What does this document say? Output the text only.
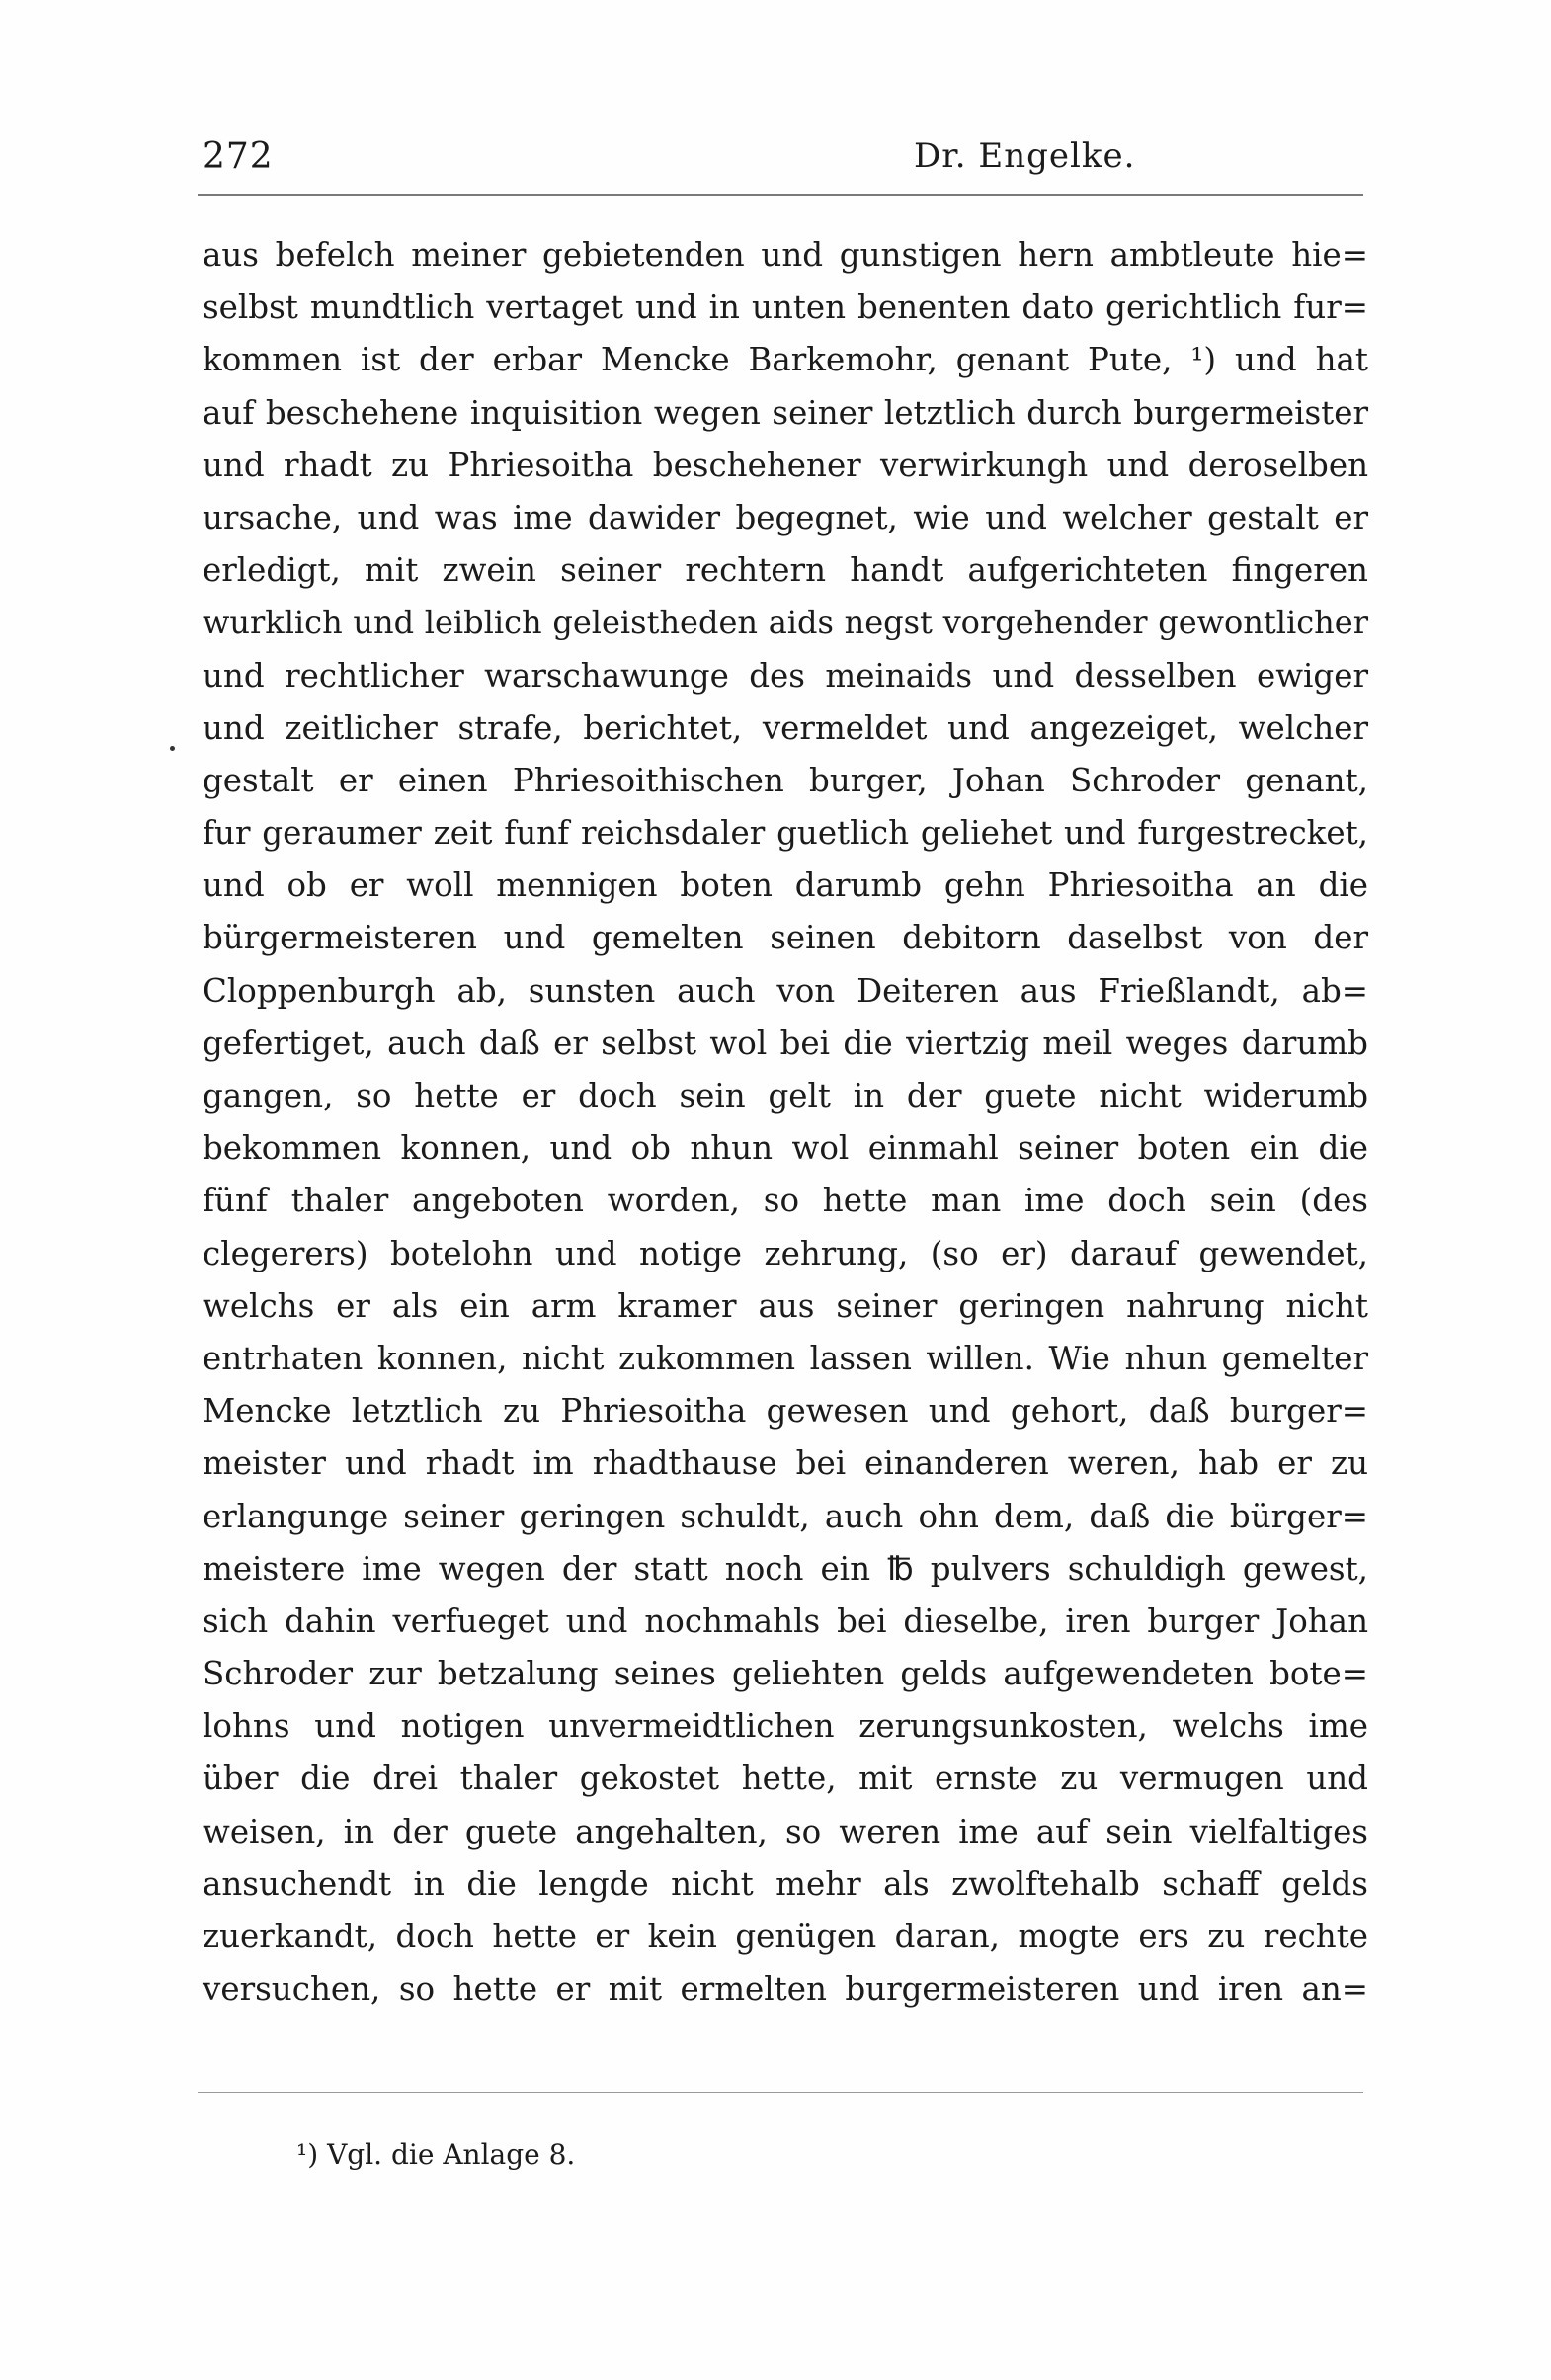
272	Dr. Engelke.
aus befelch meiner gebietenden und gunstigen hern ambtleute hie=
selbst mundtlich vertaget und in unten benenten dato gerichtlich fur=
kommen ist der erbar Mencke Barkemohr, genant Pute, ¹) und hat
auf beschehene inquisition wegen seiner letztlich durch burgermeister
und rhadt zu Phriesoitha beschehener verwirkungh und deroselben
ursache, und was ime dawider begegnet, wie und welcher gestalt er
erledigt, mit zwein seiner rechtern handt aufgerichteten fingeren
wurklich und leiblich geleistheden aids negst vorgehender gewontlicher
und rechtlicher warschawunge des meinaids und desselben ewiger
und zeitlicher strafe, berichtet, vermeldet und angezeiget, welcher
gestalt er einen Phriesoithischen burger, Johan Schroder genant,
fur geraumer zeit funf reichsdaler guetlich geliehet und furgestrecket,
und ob er woll mennigen boten darumb gehn Phriesoitha an die
bürgermeisteren und gemelten seinen debitorn daselbst von der
Cloppenburgh ab, sunsten auch von Deiteren aus Frießlandt, ab=
gefertiget, auch daß er selbst wol bei die viertzig meil weges darumb
gangen, so hette er doch sein gelt in der guete nicht widerumb
bekommen konnen, und ob nhun wol einmahl seiner boten ein die
fünf thaler angeboten worden, so hette man ime doch sein (des
clegerers) botelohn und notige zehrung, (so er) darauf gewendet,
welchs er als ein arm kramer aus seiner geringen nahrung nicht
entrhaten konnen, nicht zukommen lassen willen. Wie nhun gemelter
Mencke letztlich zu Phriesoitha gewesen und gehort, daß burger=
meister und rhadt im rhadthause bei einanderen weren, hab er zu
erlangunge seiner geringen schuldt, auch ohn dem, daß die bürger=
meistere ime wegen der statt noch ein ℔ pulvers schuldigh gewest,
sich dahin verfueget und nochmahls bei dieselbe, iren burger Johan
Schroder zur betzalung seines geliehten gelds aufgewendeten bote=
lohns und notigen unvermeidtlichen zerungsunkosten, welchs ime
über die drei thaler gekostet hette, mit ernste zu vermugen und
weisen, in der guete angehalten, so weren ime auf sein vielfaltiges
ansuchendt in die lengde nicht mehr als zwolftehalb schaff gelds
zuerkandt, doch hette er kein genügen daran, mogte ers zu rechte
versuchen, so hette er mit ermelten burgermeisteren und iren an=
¹) Vgl. die Anlage 8.
